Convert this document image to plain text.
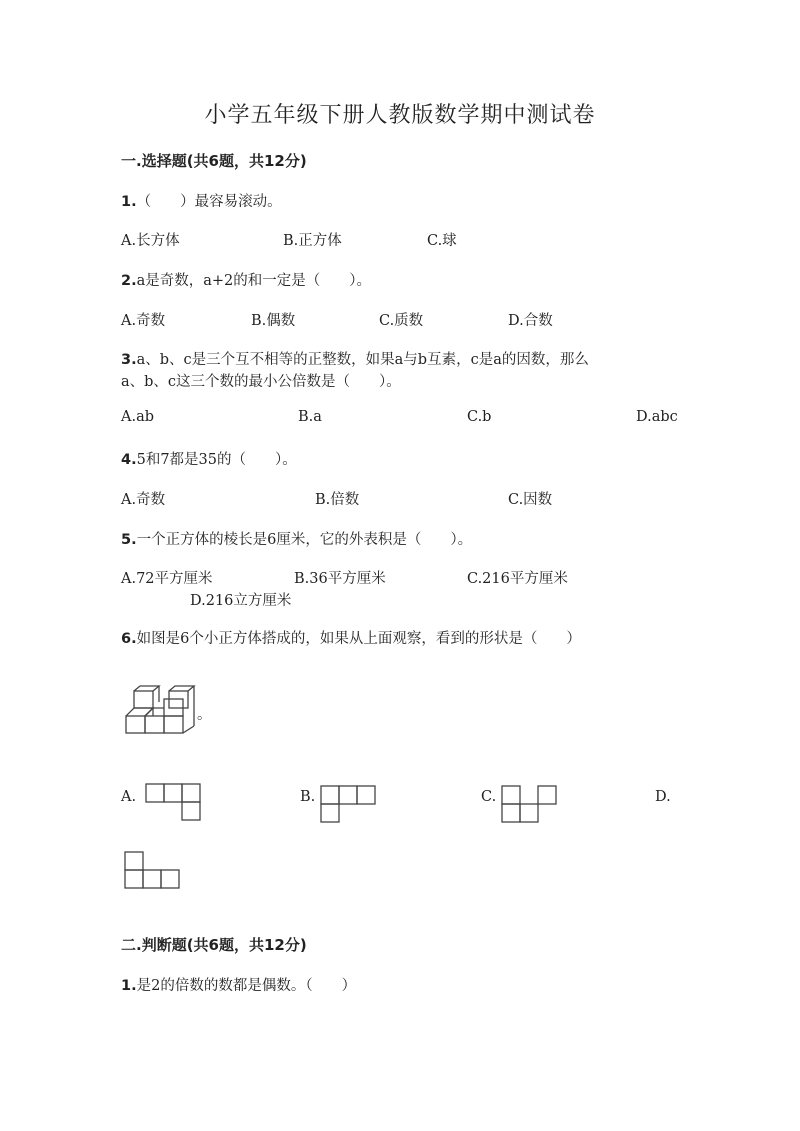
小学五年级下册人教版数学期中测试卷
一.选择题(共6题，共12分)
1.（　　）最容易滚动。
A.长方体	B.正方体	C.球
2.a是奇数，a+2的和一定是（　　）。
A.奇数	B.偶数	C.质数	D.合数
3.a、b、c是三个互不相等的正整数，如果a与b互素，c是a的因数，那么
a、b、c这三个数的最小公倍数是（　　）。
A.ab	B.a	C.b	D.abc
4.5和7都是35的（　　）。
A.奇数	B.倍数	C.因数
5.一个正方体的棱长是6厘米，它的外表积是（　　）。
A.72平方厘米	B.36平方厘米	C.216平方厘米
D.216立方厘米
6.如图是6个小正方体搭成的，如果从上面观察，看到的形状是（　　）
。
A.	B.	C.	D.
二.判断题(共6题，共12分)
1.是2的倍数的数都是偶数。（　　）
